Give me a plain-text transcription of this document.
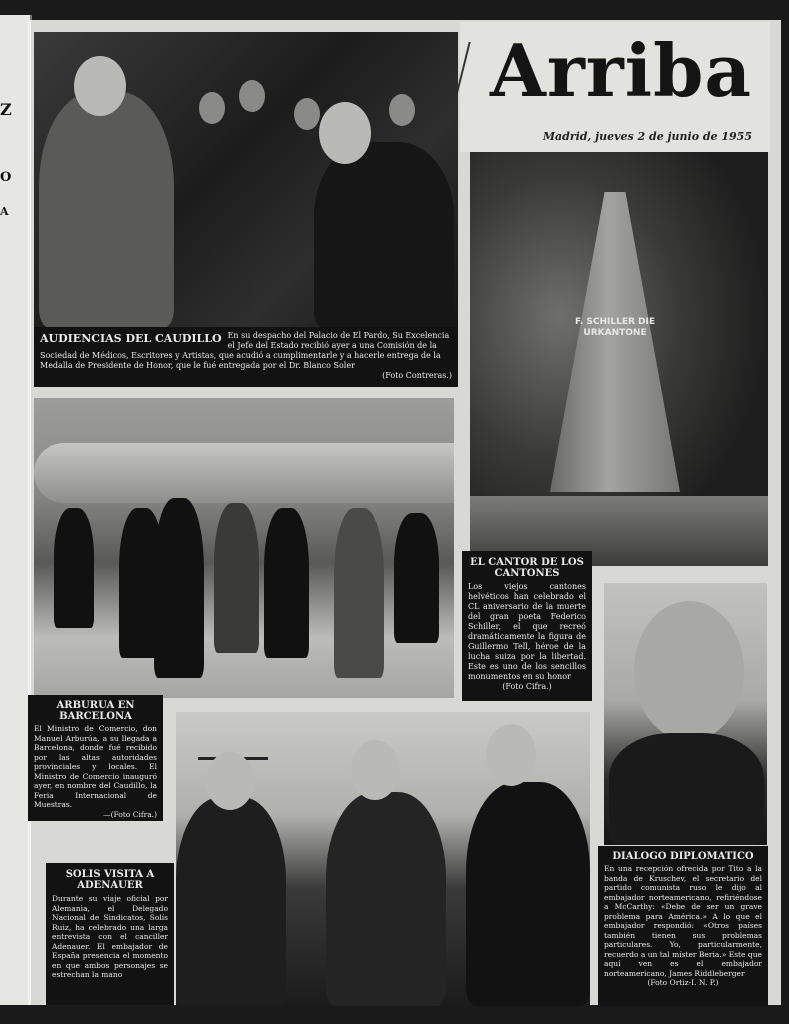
Z
O
A
Arriba
Madrid, jueves 2 de junio de 1955
AUDIENCIAS DEL CAUDILLO En su despacho del Palacio de El Pardo, Su Excelencia el Jefe del Estado recibió ayer a una Comisión de la Sociedad de Médicos, Escritores y Artistas, que acudió a cumplimentarle y a hacerle entrega de la Medalla de Presidente de Honor, que le fué entregada por el Dr. Blanco Soler
(Foto Contreras.)
F. SCHILLER DIE URKANTONE
EL CANTOR DE LOS CANTONES
Los viejos cantones helvéticos han celebrado el CL aniversario de la muerte del gran poeta Federico Schiller, el que recreó dramáticamente la figura de Guillermo Tell, héroe de la lucha suiza por la libertad. Este es uno de los sencillos monumentos en su honor
(Foto Cifra.)
DIALOGO DIPLOMATICO
En una recepción ofrecida por Tito a la banda de Kruschev, el secretario del partido comunista ruso le dijo al embajador norteamericano, refiriéndose a McCarthy: «Debe de ser un grave problema para América.» A lo que el embajador respondió: «Otros países también tienen sus problemas particulares. Yo, particularmente, recuerdo a un tal míster Beria.» Este que aquí ven es el embajador norteamericano, James Riddleberger
(Foto Ortiz-I. N. P.)
ARBURUA EN BARCELONA
El Ministro de Comercio, don Manuel Arburúa, a su llegada a Barcelona, donde fué recibido por las altas autoridades provinciales y locales. El Ministro de Comercio inauguró ayer, en nombre del Caudillo, la Feria Internacional de Muestras.
—(Foto Cifra.)
SOLIS VISITA A ADENAUER
Durante su viaje oficial por Alemania, el Delegado Nacional de Sindicatos, Solís Ruiz, ha celebrado una larga entrevista con el canciller Adenauer. El embajador de España presencia el momento en que ambos personajes se estrechan la mano
